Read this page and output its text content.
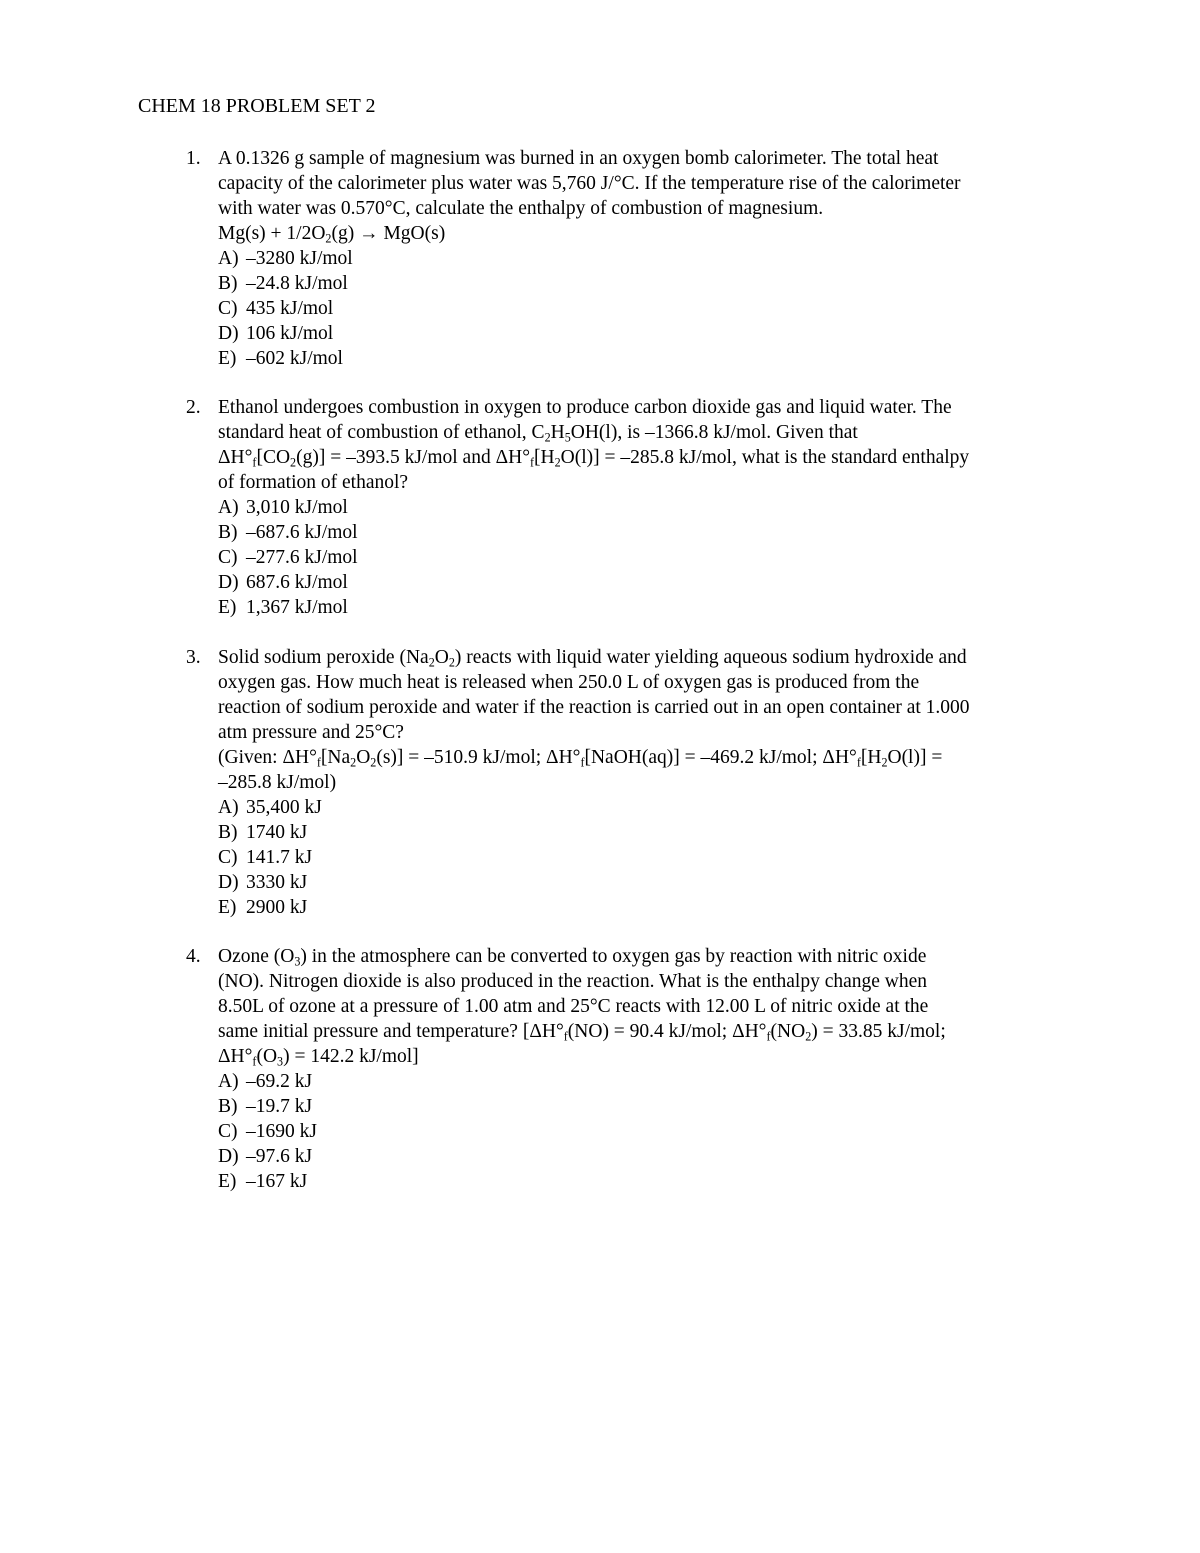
CHEM 18 PROBLEM SET 2
1. A 0.1326 g sample of magnesium was burned in an oxygen bomb calorimeter. The total heat
capacity of the calorimeter plus water was 5,760 J/°C. If the temperature rise of the calorimeter
with water was 0.570°C, calculate the enthalpy of combustion of magnesium.
$Mg(s) + 1/2O_2(g) \to MgO(s)$
A) –3280 kJ/mol
B) –24.8 kJ/mol
C) 435 kJ/mol
D) 106 kJ/mol
E) –602 kJ/mol
2. Ethanol undergoes combustion in oxygen to produce carbon dioxide gas and liquid water. The
standard heat of combustion of ethanol, $C_2H_5OH(l)$, is –1366.8 kJ/mol. Given that
$\Delta H^\circ_f[CO_2(g)] = -393.5$ kJ/mol and $\Delta H^\circ_f[H_2O(l)] = -285.8$ kJ/mol, what is the standard enthalpy
of formation of ethanol?
A) 3,010 kJ/mol
B) –687.6 kJ/mol
C) –277.6 kJ/mol
D) 687.6 kJ/mol
E) 1,367 kJ/mol
3. Solid sodium peroxide $(Na_2O_2)$ reacts with liquid water yielding aqueous sodium hydroxide and
oxygen gas. How much heat is released when 250.0 L of oxygen gas is produced from the
reaction of sodium peroxide and water if the reaction is carried out in an open container at 1.000
atm pressure and 25°C?
(Given: $\Delta H^\circ_f[Na_2O_2(s)] = -510.9$ kJ/mol; $\Delta H^\circ_f[NaOH(aq)] = -469.2$ kJ/mol; $\Delta H^\circ_f[H_2O(l)]$ =
–285.8 kJ/mol)
A) 35,400 kJ
B) 1740 kJ
C) 141.7 kJ
D) 3330 kJ
E) 2900 kJ
4. Ozone $(O_3)$ in the atmosphere can be converted to oxygen gas by reaction with nitric oxide
(NO). Nitrogen dioxide is also produced in the reaction. What is the enthalpy change when
8.50L of ozone at a pressure of 1.00 atm and 25°C reacts with 12.00 L of nitric oxide at the
same initial pressure and temperature? [$\Delta H^\circ_f(NO) = 90.4$ kJ/mol; $\Delta H^\circ_f(NO_2) = 33.85$ kJ/mol;
$\Delta H^\circ_f(O_3) = 142.2$ kJ/mol]
A) –69.2 kJ
B) –19.7 kJ
C) –1690 kJ
D) –97.6 kJ
E) –167 kJ
